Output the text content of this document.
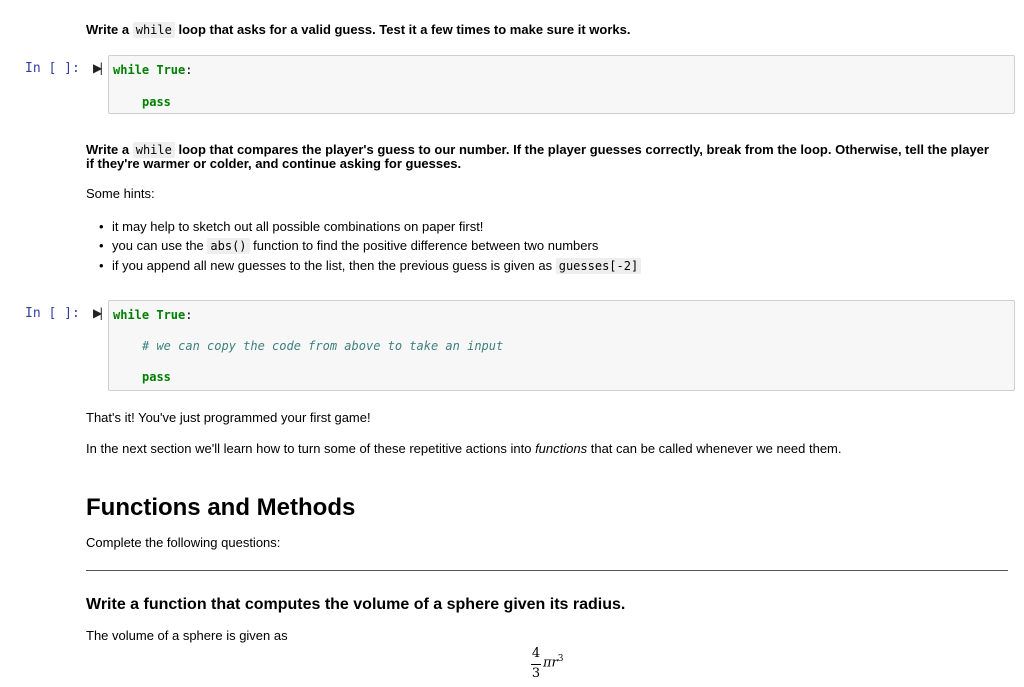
Write a while loop that asks for a valid guess. Test it a few times to make sure it works.
In [ ]: ▶| while True:
pass
Write a while loop that compares the player's guess to our number. If the player guesses correctly, break from the loop. Otherwise, tell the player
if they're warmer or colder, and continue asking for guesses.
Some hints:
• it may help to sketch out all possible combinations on paper first!
• you can use the abs() function to find the positive difference between two numbers
• if you append all new guesses to the list, then the previous guess is given as guesses[-2]
In [ ]: ▶| while True:
# we can copy the code from above to take an input
pass
That's it! You've just programmed your first game!
In the next section we'll learn how to turn some of these repetitive actions into functions that can be called whenever we need them.
Functions and Methods
Complete the following questions:
Write a function that computes the volume of a sphere given its radius.
The volume of a sphere is given as
4
3
$\pi r^3$
